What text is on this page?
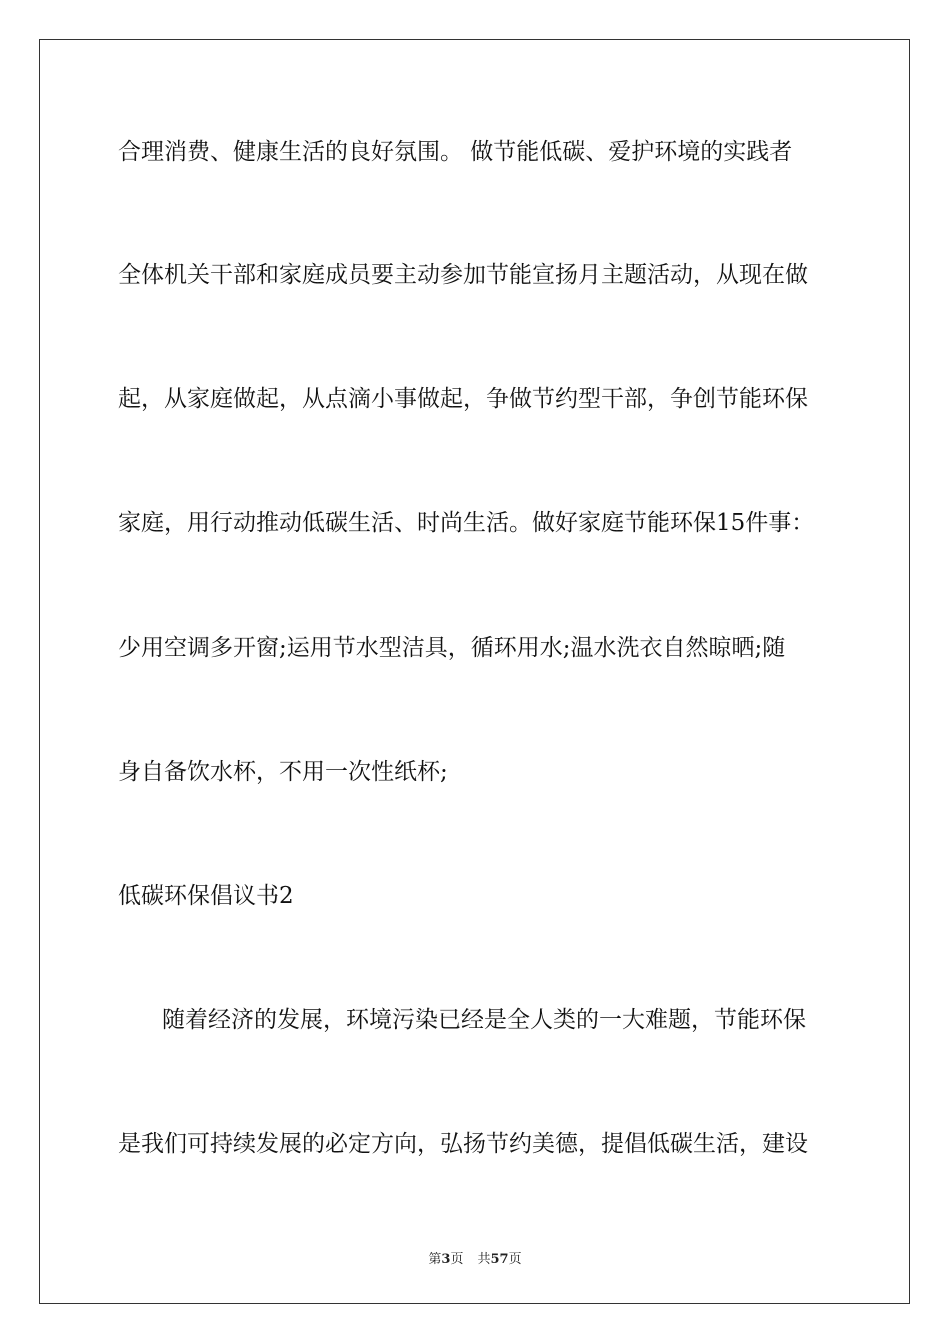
合理消费、健康生活的良好氛围。 做节能低碳、爱护环境的实践者
全体机关干部和家庭成员要主动参加节能宣扬月主题活动，从现在做
起，从家庭做起，从点滴小事做起，争做节约型干部，争创节能环保
家庭，用行动推动低碳生活、时尚生活。做好家庭节能环保15件事：
少用空调多开窗;运用节水型洁具，循环用水;温水洗衣自然晾晒;随
身自备饮水杯，不用一次性纸杯;
低碳环保倡议书2
随着经济的发展，环境污染已经是全人类的一大难题，节能环保
是我们可持续发展的必定方向，弘扬节约美德，提倡低碳生活，建设
第3页 共57页
